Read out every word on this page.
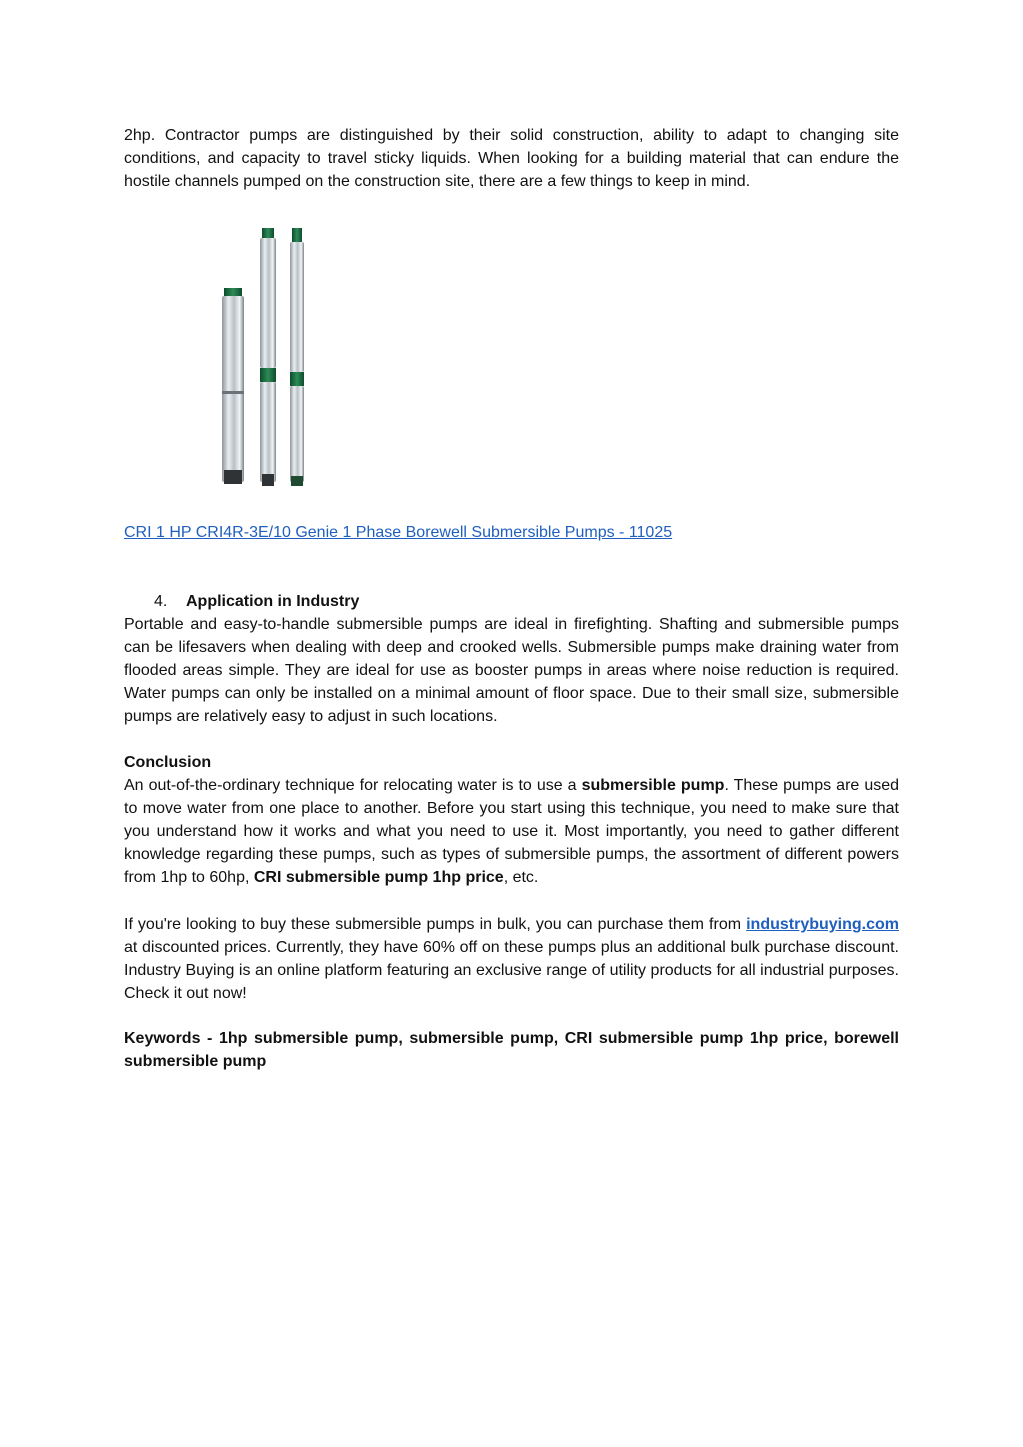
2hp. Contractor pumps are distinguished by their solid construction, ability to adapt to changing site conditions, and capacity to travel sticky liquids. When looking for a building material that can endure the hostile channels pumped on the construction site, there are a few things to keep in mind.

CRI 1 HP CRI4R-3E/10 Genie 1 Phase Borewell Submersible Pumps - 11025
4. Application in Industry

Portable and easy-to-handle submersible pumps are ideal in firefighting. Shafting and submersible pumps can be lifesavers when dealing with deep and crooked wells. Submersible pumps make draining water from flooded areas simple. They are ideal for use as booster pumps in areas where noise reduction is required. Water pumps can only be installed on a minimal amount of floor space. Due to their small size, submersible pumps are relatively easy to adjust in such locations.

Conclusion

An out-of-the-ordinary technique for relocating water is to use a submersible pump. These pumps are used to move water from one place to another. Before you start using this technique, you need to make sure that you understand how it works and what you need to use it. Most importantly, you need to gather different knowledge regarding these pumps, such as types of submersible pumps, the assortment of different powers from 1hp to 60hp, CRI submersible pump 1hp price, etc.

If you're looking to buy these submersible pumps in bulk, you can purchase them from industrybuying.com at discounted prices. Currently, they have 60% off on these pumps plus an additional bulk purchase discount. Industry Buying is an online platform featuring an exclusive range of utility products for all industrial purposes. Check it out now!

Keywords - 1hp submersible pump, submersible pump, CRI submersible pump 1hp price, borewell submersible pump
